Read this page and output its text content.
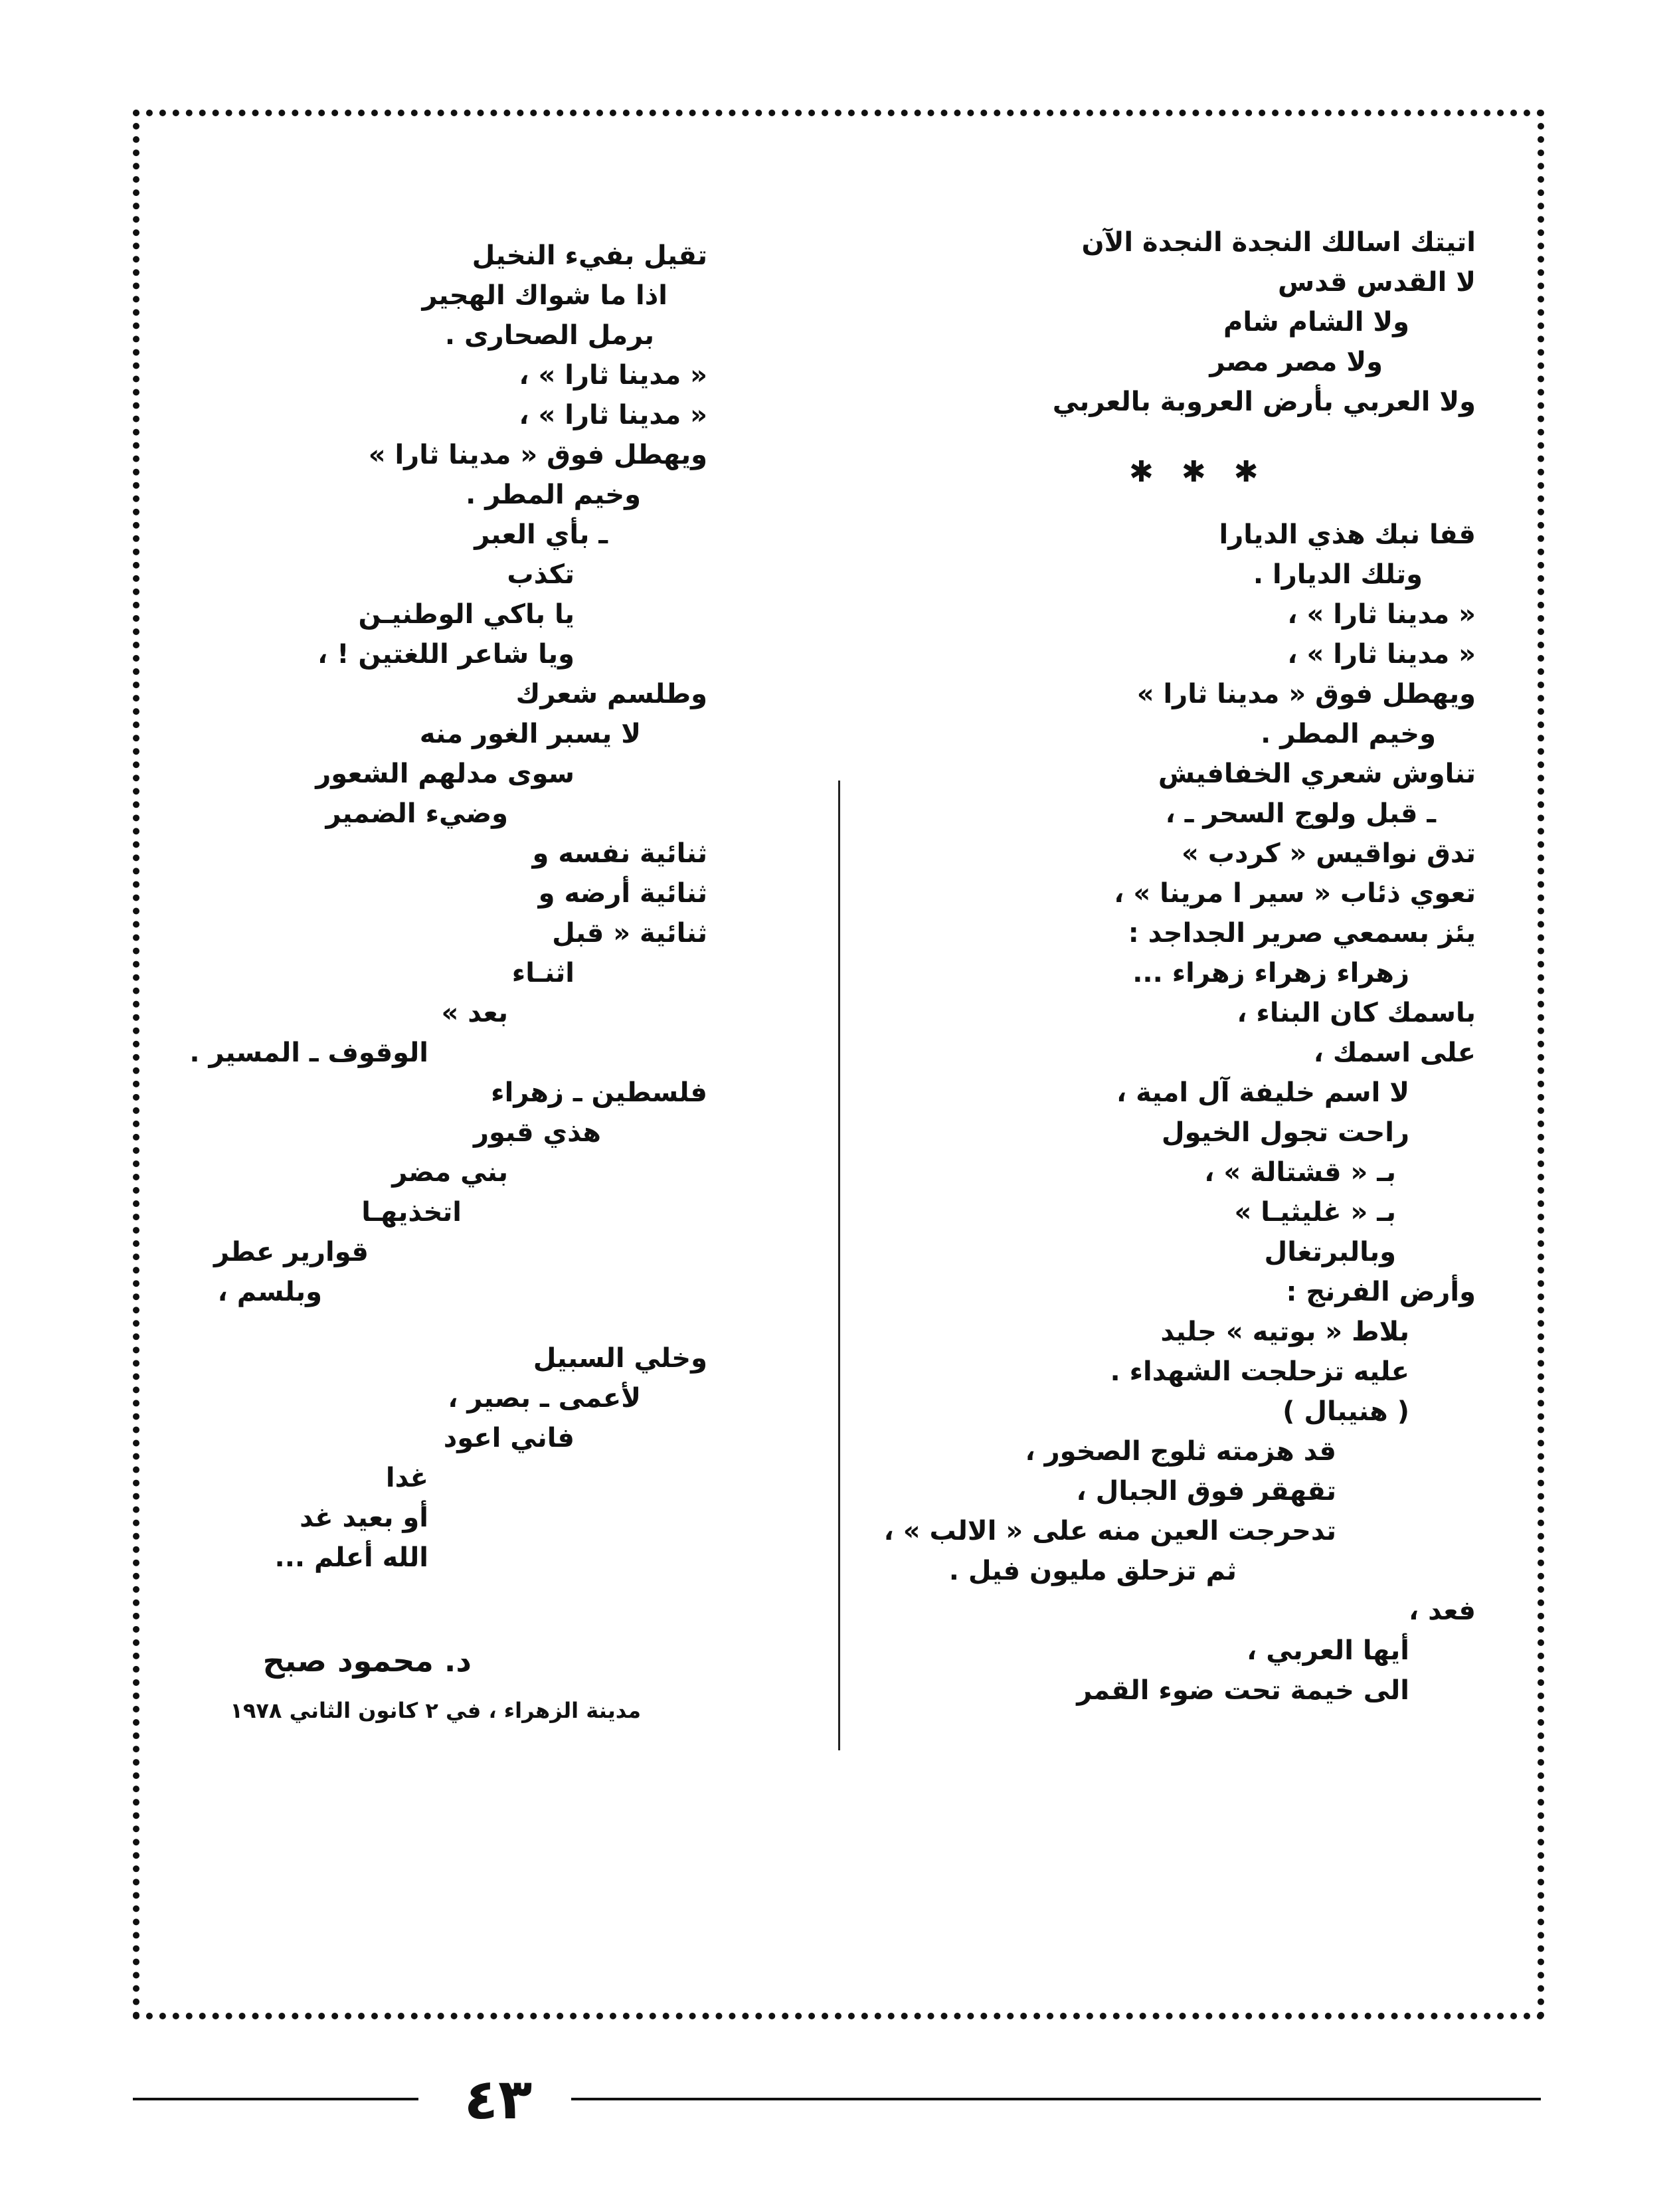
اتيتك اسالك النجدة النجدة الآن
لا القدس قدس
ولا الشام شام
ولا مصر مصر
ولا العربي بأرض العروبة بالعربي
قفا نبك هذي الديارا
وتلك الديارا .
« مدينا ثارا » ،
« مدينا ثارا » ،
ويهطل فوق « مدينا ثارا »
وخيم المطر .
تناوش شعري الخفافيش
ـ قبل ولوج السحر ـ ،
تدق نواقيس « كردب »
تعوي ذئاب « سير ا مرينا » ،
يئز بسمعي صرير الجداجد :
زهراء زهراء زهراء ...
باسمك كان البناء ،
على اسمك ،
لا اسم خليفة آل امية ،
راحت تجول الخيول
بـ « قشتالة » ،
بـ « غليثيـا »
وبالبرتغال
وأرض الفرنج :
بلاط « بوتيه » جليد
عليه تزحلجت الشهداء .
( هنيبال )
قد هزمته ثلوج الصخور ،
تقهقر فوق الجبال ،
تدحرجت العين منه على « الالب » ،
ثم تزحلق مليون فيل .
فعد ،
أيها العربي ،
الى خيمة تحت ضوء القمر
✱ ✱ ✱
تقيل بفيء النخيل
اذا ما شواك الهجير
برمل الصحارى .
« مدينا ثارا » ،
« مدينا ثارا » ،
ويهطل فوق « مدينا ثارا »
وخيم المطر .
ـ بأي العبر
تكذب
يا باكي الوطنيـن
ويا شاعر اللغتين ! ،
وطلسم شعرك
لا يسبر الغور منه
سوى مدلهم الشعور
وضيء الضمير
ثنائية نفسه و
ثنائية أرضه و
ثنائية « قبل
اثنـاء
بعد »
الوقوف ـ المسير .
فلسطين ـ زهراء
هذي قبور
بني مضر
اتخذيهـا
قوارير عطر
وبلسم ،
وخلي السبيل
لأعمى ـ بصير ،
فاني اعود
غدا
أو بعيد غد
الله أعلم ...
د. محمود صبح
مدينة الزهراء ، في ٢ كانون الثاني ١٩٧٨
٤٣
